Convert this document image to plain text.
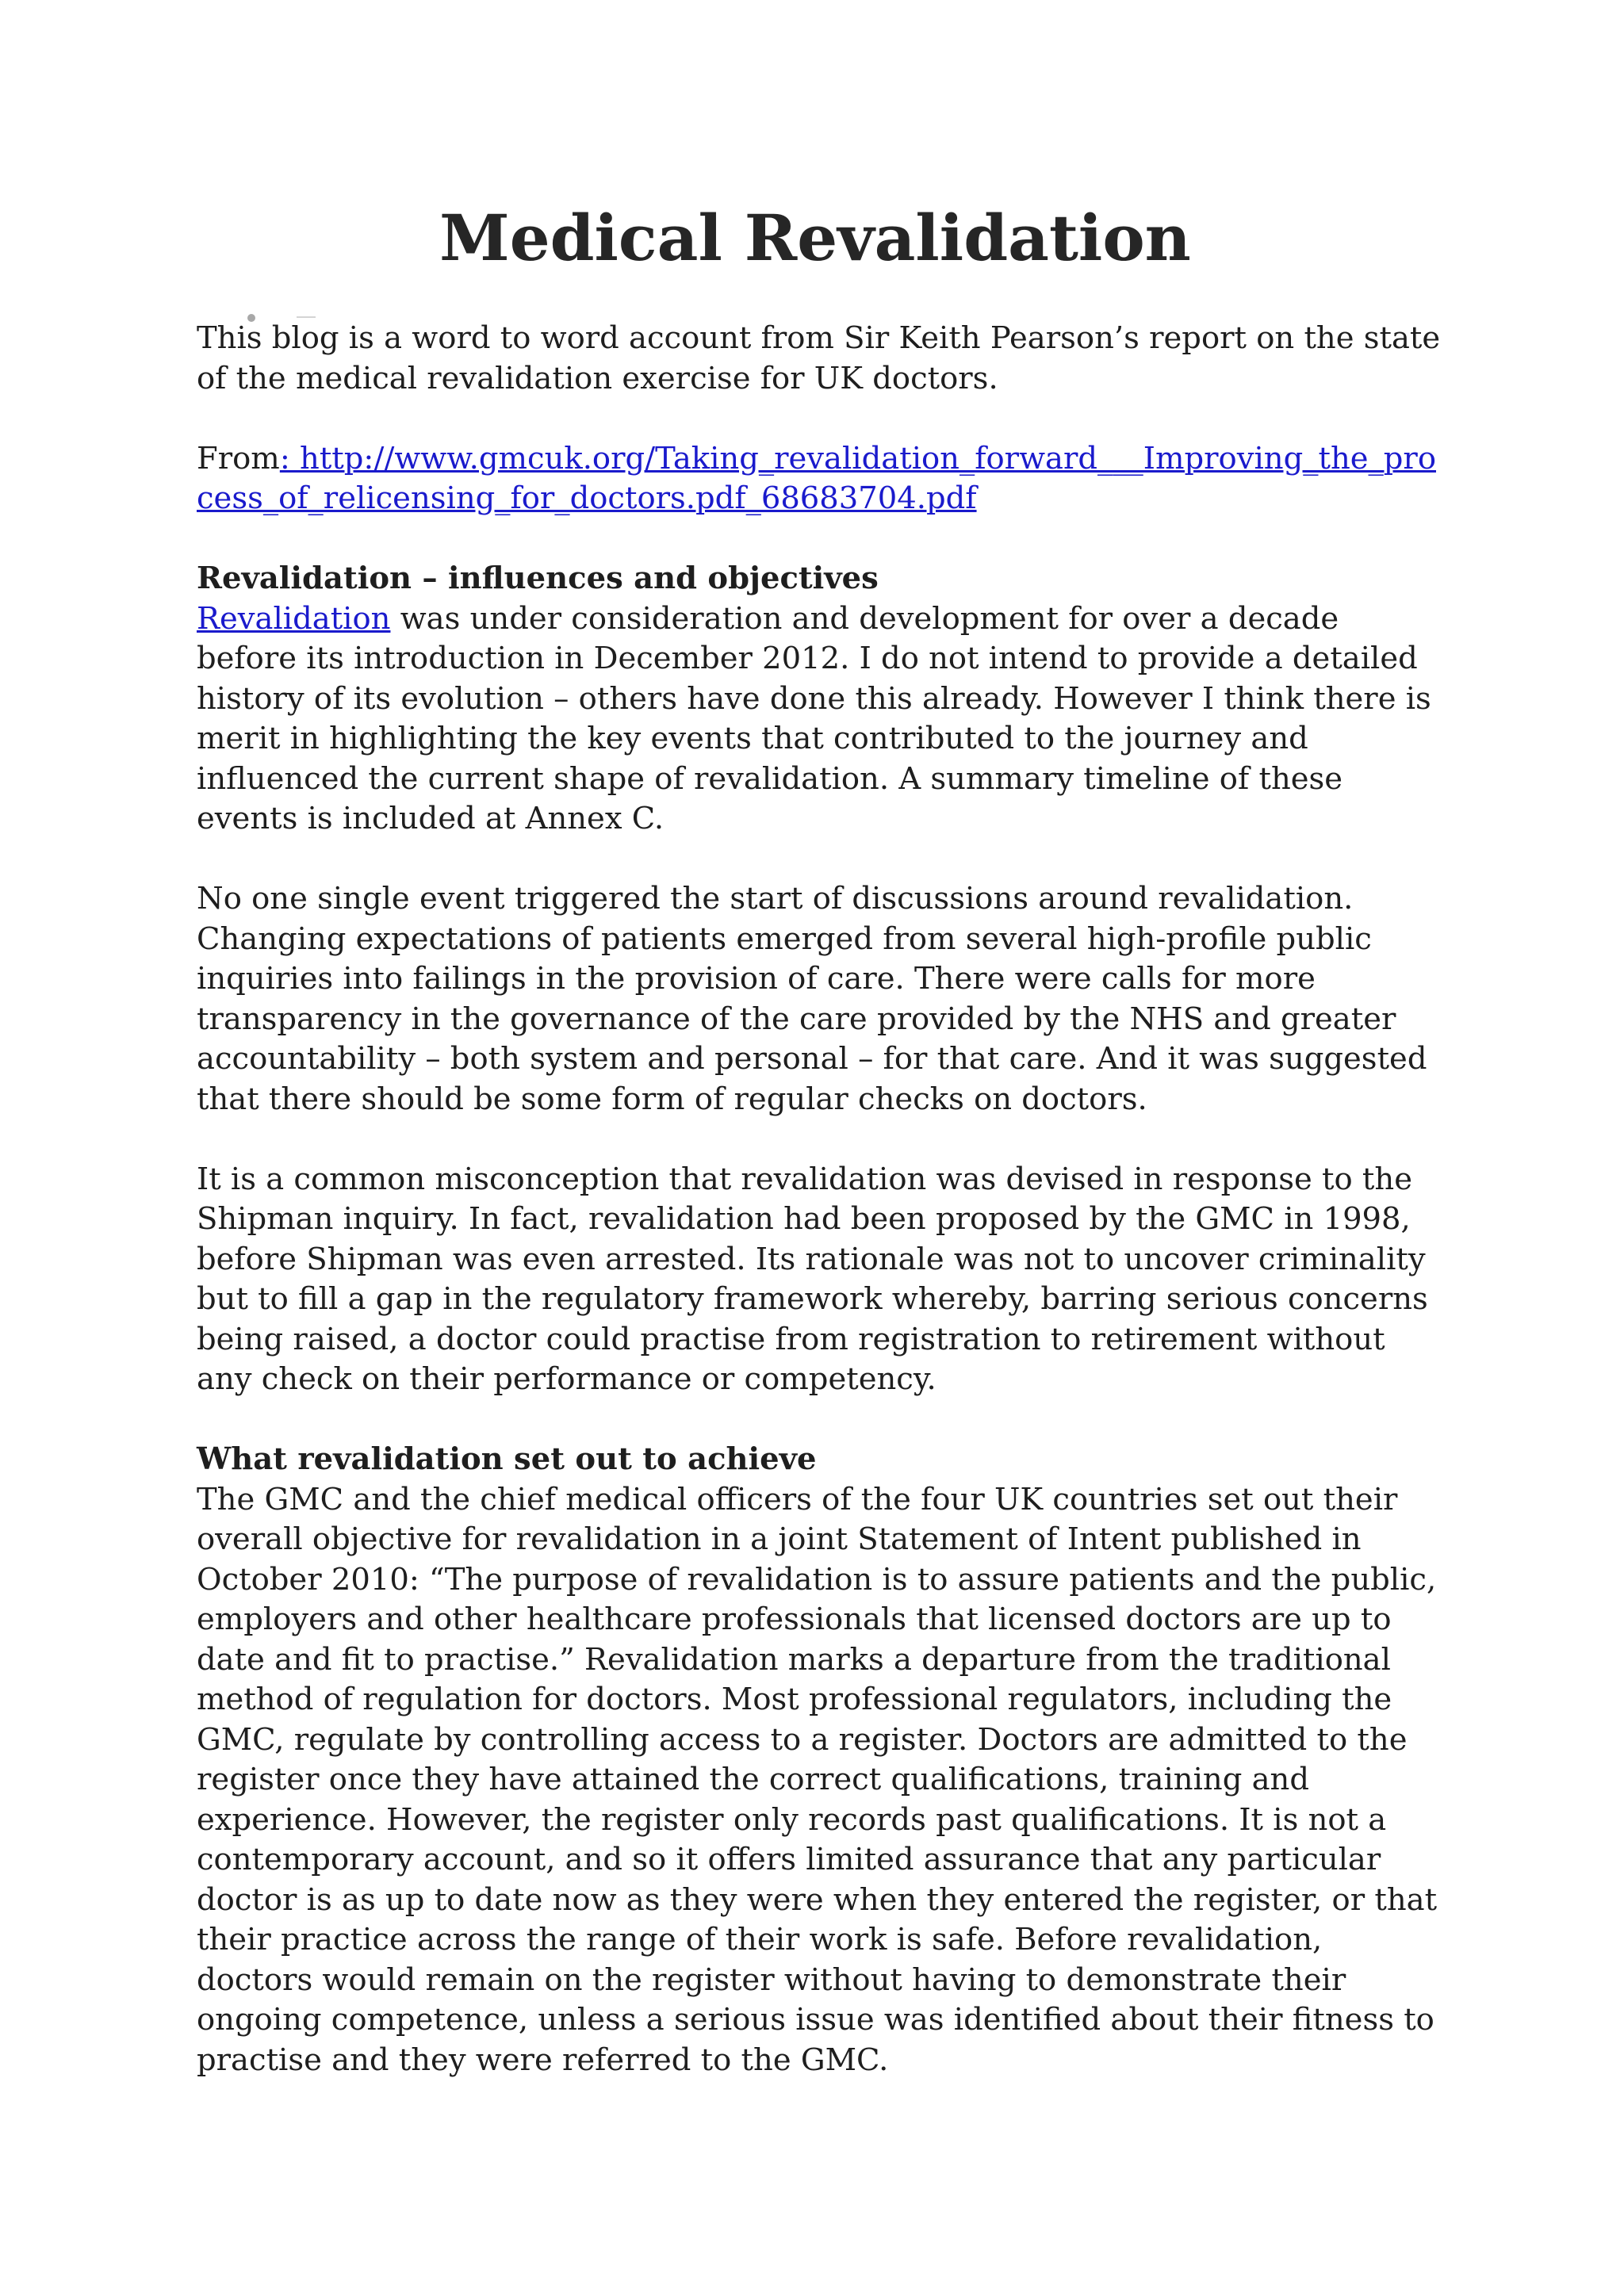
Medical Revalidation

This blog is a word to word account from Sir Keith Pearson’s report on the state of the medical revalidation exercise for UK doctors.

From: http://www.gmcuk.org/Taking_revalidation_forward___Improving_the_process_of_relicensing_for_doctors.pdf_68683704.pdf

Revalidation – influences and objectives

Revalidation was under consideration and development for over a decade before its introduction in December 2012. I do not intend to provide a detailed history of its evolution – others have done this already. However I think there is merit in highlighting the key events that contributed to the journey and influenced the current shape of revalidation. A summary timeline of these events is included at Annex C.

No one single event triggered the start of discussions around revalidation. Changing expectations of patients emerged from several high-profile public inquiries into failings in the provision of care. There were calls for more transparency in the governance of the care provided by the NHS and greater accountability – both system and personal – for that care. And it was suggested that there should be some form of regular checks on doctors.

It is a common misconception that revalidation was devised in response to the Shipman inquiry. In fact, revalidation had been proposed by the GMC in 1998, before Shipman was even arrested. Its rationale was not to uncover criminality but to fill a gap in the regulatory framework whereby, barring serious concerns being raised, a doctor could practise from registration to retirement without any check on their performance or competency.

What revalidation set out to achieve

The GMC and the chief medical officers of the four UK countries set out their overall objective for revalidation in a joint Statement of Intent published in October 2010: “The purpose of revalidation is to assure patients and the public, employers and other healthcare professionals that licensed doctors are up to date and fit to practise.” Revalidation marks a departure from the traditional method of regulation for doctors. Most professional regulators, including the GMC, regulate by controlling access to a register. Doctors are admitted to the register once they have attained the correct qualifications, training and experience. However, the register only records past qualifications. It is not a contemporary account, and so it offers limited assurance that any particular doctor is as up to date now as they were when they entered the register, or that their practice across the range of their work is safe. Before revalidation, doctors would remain on the register without having to demonstrate their ongoing competence, unless a serious issue was identified about their fitness to practise and they were referred to the GMC.
